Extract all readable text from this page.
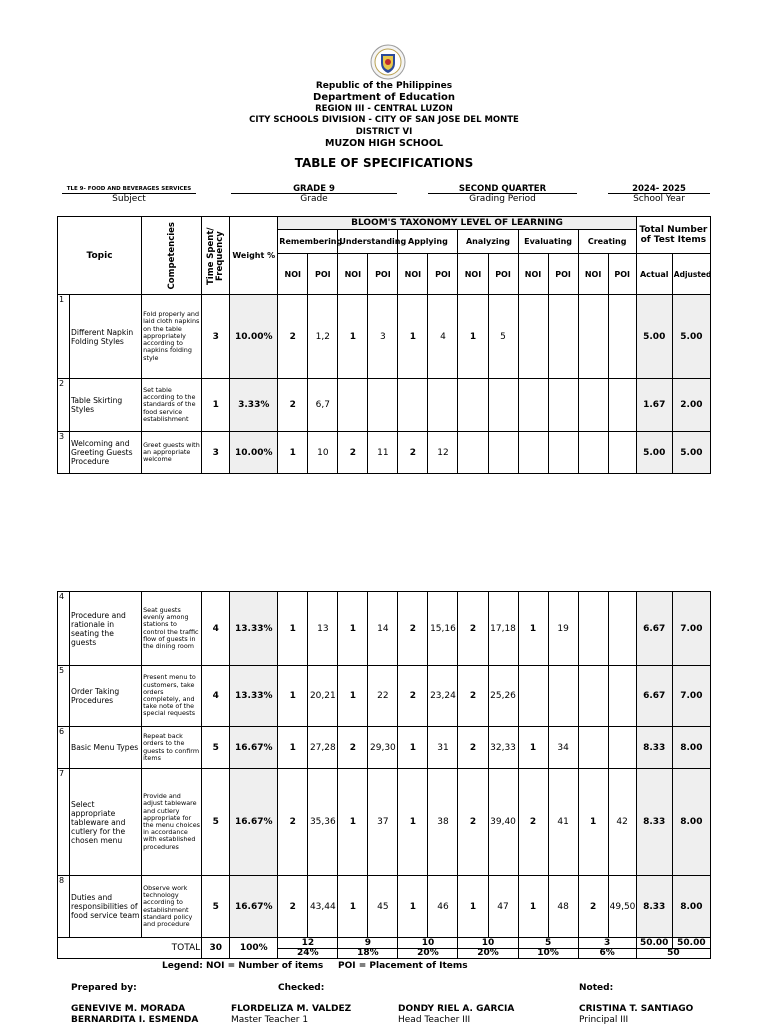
Republic of the Philippines
Department of Education
REGION III - CENTRAL LUZON
CITY SCHOOLS DIVISION - CITY OF SAN JOSE DEL MONTE
DISTRICT VI
MUZON HIGH SCHOOL
TABLE OF SPECIFICATIONS
TLE 9- FOOD AND BEVERAGES SERVICES
Subject
GRADE 9
Grade
SECOND QUARTER
Grading Period
2024- 2025
School Year
Topic		Competencies	Time Spent/ Frequency	Weight %	BLOOM'S TAXONOMY LEVEL OF LEARNING												Total Number of Test Items	
					Remembering		Understanding		Applying		Analyzing		Evaluating		Creating			
					NOI	POI	NOI	POI	NOI	POI	NOI	POI	NOI	POI	NOI	POI	Actual	Adjusted
1	Different Napkin Folding Styles	Fold properly and laid cloth napkins on the table appropriately according to napkins folding style	3	10.00%	2	1,2	1	3	1	4	1	5					5.00	5.00
2	Table Skirting Styles	Set table according to the standards of the food service establishment	1	3.33%	2	6,7											1.67	2.00
3	Welcoming and Greeting Guests Procedure	Greet guests with an appropriate welcome	3	10.00%	1	10	2	11	2	12							5.00	5.00
4	Procedure and rationale in seating the guests	Seat guests evenly among stations to control the traffic flow of guests in the dining room	4	13.33%	1	13	1	14	2	15,16	2	17,18	1	19			6.67	7.00
5	Order Taking Procedures	Present menu to customers, take orders completely, and take note of the special requests	4	13.33%	1	20,21	1	22	2	23,24	2	25,26					6.67	7.00
6	Basic Menu Types	Repeat back orders to the guests to confirm items	5	16.67%	1	27,28	2	29,30	1	31	2	32,33	1	34			8.33	8.00
7	Select appropriate tableware and cutlery for the chosen menu	Provide and adjust tableware and cutlery appropriate for the menu choices in accordance with established procedures	5	16.67%	2	35,36	1	37	1	38	2	39,40	2	41	1	42	8.33	8.00
8	Duties and responsibilities of food service team	Observe work technology according to establishment standard policy and procedure	5	16.67%	2	43,44	1	45	1	46	1	47	1	48	2	49,50	8.33	8.00
TOTAL			30	100%	12		9		10		10		5		3		50.00	50.00
					24%		18%		20%		20%		10%		6%		50	
Legend: NOI = Number of items POI = Placement of Items
Prepared by:	Checked:	Noted:
GENEVIVE M. MORADA
BERNARDITA I. ESMENDA
FLORDELIZA M. VALDEZ
Master Teacher 1
DONDY RIEL A. GARCIA
Head Teacher III
CRISTINA T. SANTIAGO
Principal III
